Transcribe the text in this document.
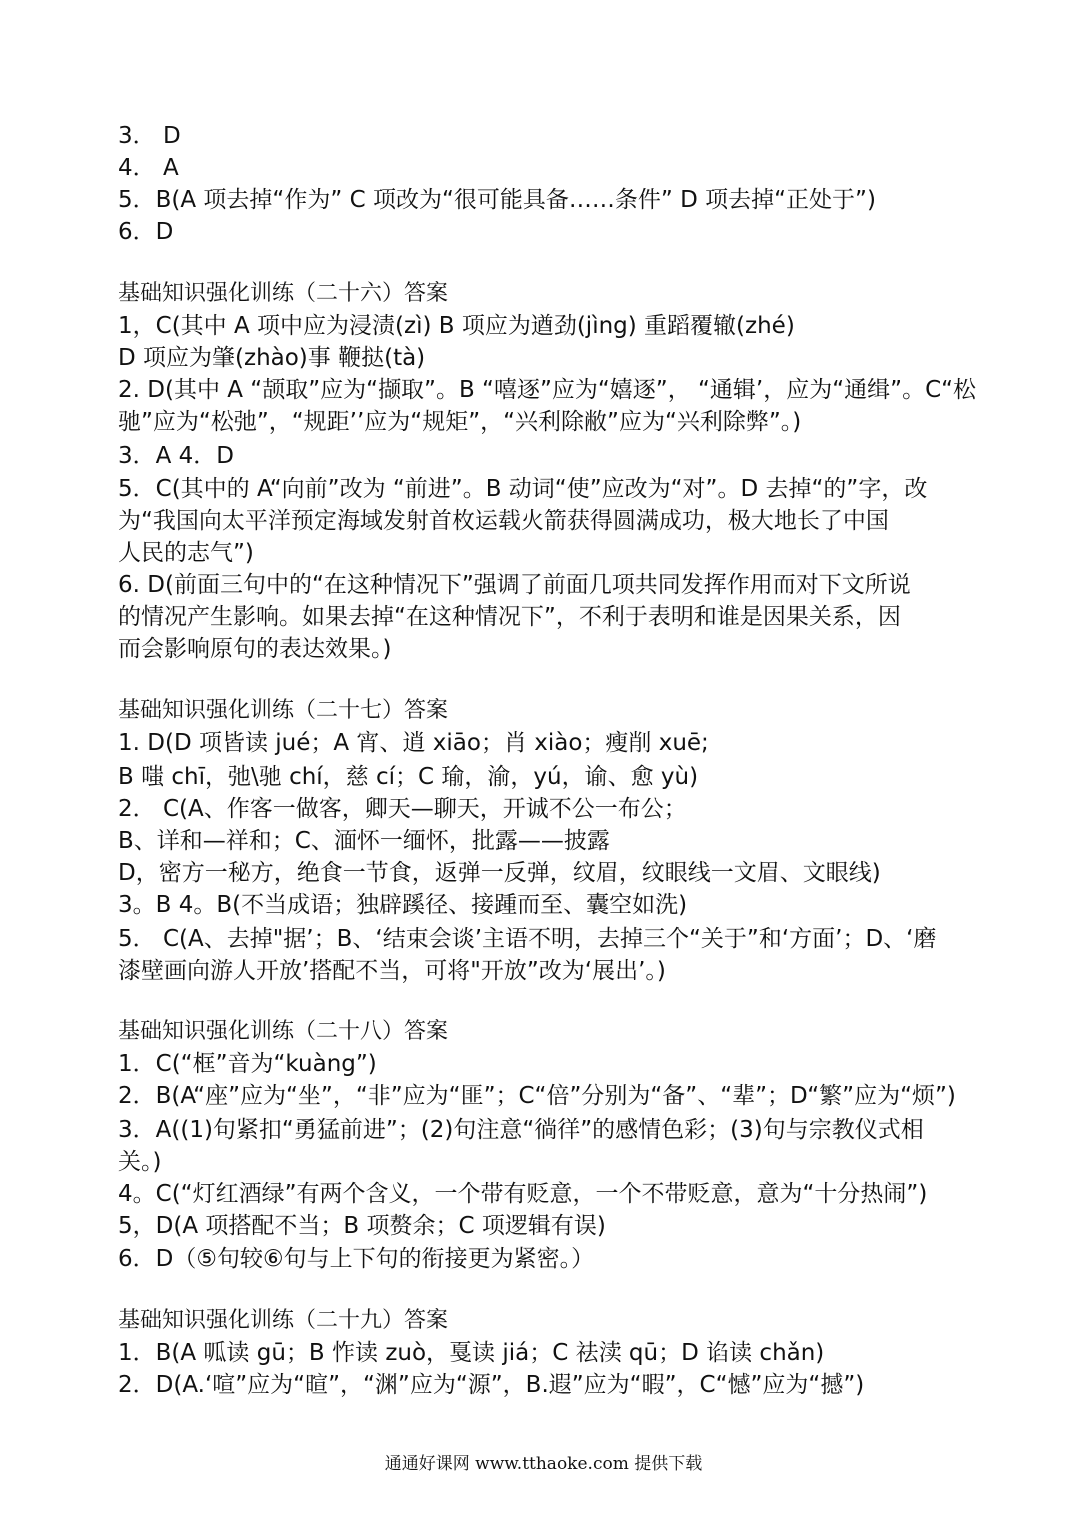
3． D
4． A
5．B(A 项去掉“作为” C 项改为“很可能具备……条件” D 项去掉“正处于”)
6．D
基础知识强化训练（二十六）答案
1，C(其中 A 项中应为浸渍(zì) B 项应为遒劲(jìng) 重蹈覆辙(zhé)
D 项应为肇(zhào)事 鞭挞(tà)
2. D(其中 A “颉取”应为“撷取”。B “嘻逐”应为“嬉逐”， “通辑’，应为“通缉”。C“松
驰”应为“松弛”，“规距’’应为“规矩”，“兴利除敝”应为“兴利除弊”。)
3．A 4．D
5．C(其中的 A“向前”改为 “前进”。B 动词“使”应改为“对”。D 去掉“的”字，改
为“我国向太平洋预定海域发射首枚运载火箭获得圆满成功，极大地长了中国
人民的志气”)
6. D(前面三句中的“在这种情况下”强调了前面几项共同发挥作用而对下文所说
的情况产生影响。如果去掉“在这种情况下”，不利于表明和谁是因果关系，因
而会影响原句的表达效果。)
基础知识强化训练（二十七）答案
1. D(D 项皆读 jué；A 宵、逍 xiāo；肖 xiào；瘦削 xuē;
B 嗤 chī，弛\驰 chí，慈 cí；C 瑜，渝，yú，谕、愈 yù)
2． C(A、作客一做客，卿天—聊天，开诚不公一布公；
B、详和—祥和；C、湎怀一缅怀，批露——披露
D，密方一秘方，绝食一节食，返弹一反弹，纹眉，纹眼线一文眉、文眼线)
3。B 4。B(不当成语；独辟蹊径、接踵而至、囊空如洗)
5． C(A、去掉"据’；B、‘结束会谈’主语不明，去掉三个“关于”和‘方面’；D、‘磨
漆壁画向游人开放’搭配不当，可将"开放”改为‘展出’。)
基础知识强化训练（二十八）答案
1．C(“框”音为“kuàng”)
2．B(A“座”应为“坐”，“非”应为“匪”；C“倍”分别为“备”、“辈”；D“繁”应为“烦”)
3．A((1)句紧扣“勇猛前进”；(2)句注意“徜徉”的感情色彩；(3)句与宗教仪式相
关。)
4。C(“灯红酒绿”有两个含义，一个带有贬意，一个不带贬意，意为“十分热闹”)
5，D(A 项搭配不当；B 项赘余；C 项逻辑有误)
6．D（⑤句较⑥句与上下句的衔接更为紧密。）
基础知识强化训练（二十九）答案
1．B(A 呱读 gū；B 怍读 zuò，戛读 jiá；C 祛渎 qū；D 谄读 chǎn)
2．D(A.‘喧”应为“暄”，“渊”应为“源”，B.遐”应为“暇”，C“憾”应为“撼”)
通通好课网 www.tthaoke.com 提供下载
